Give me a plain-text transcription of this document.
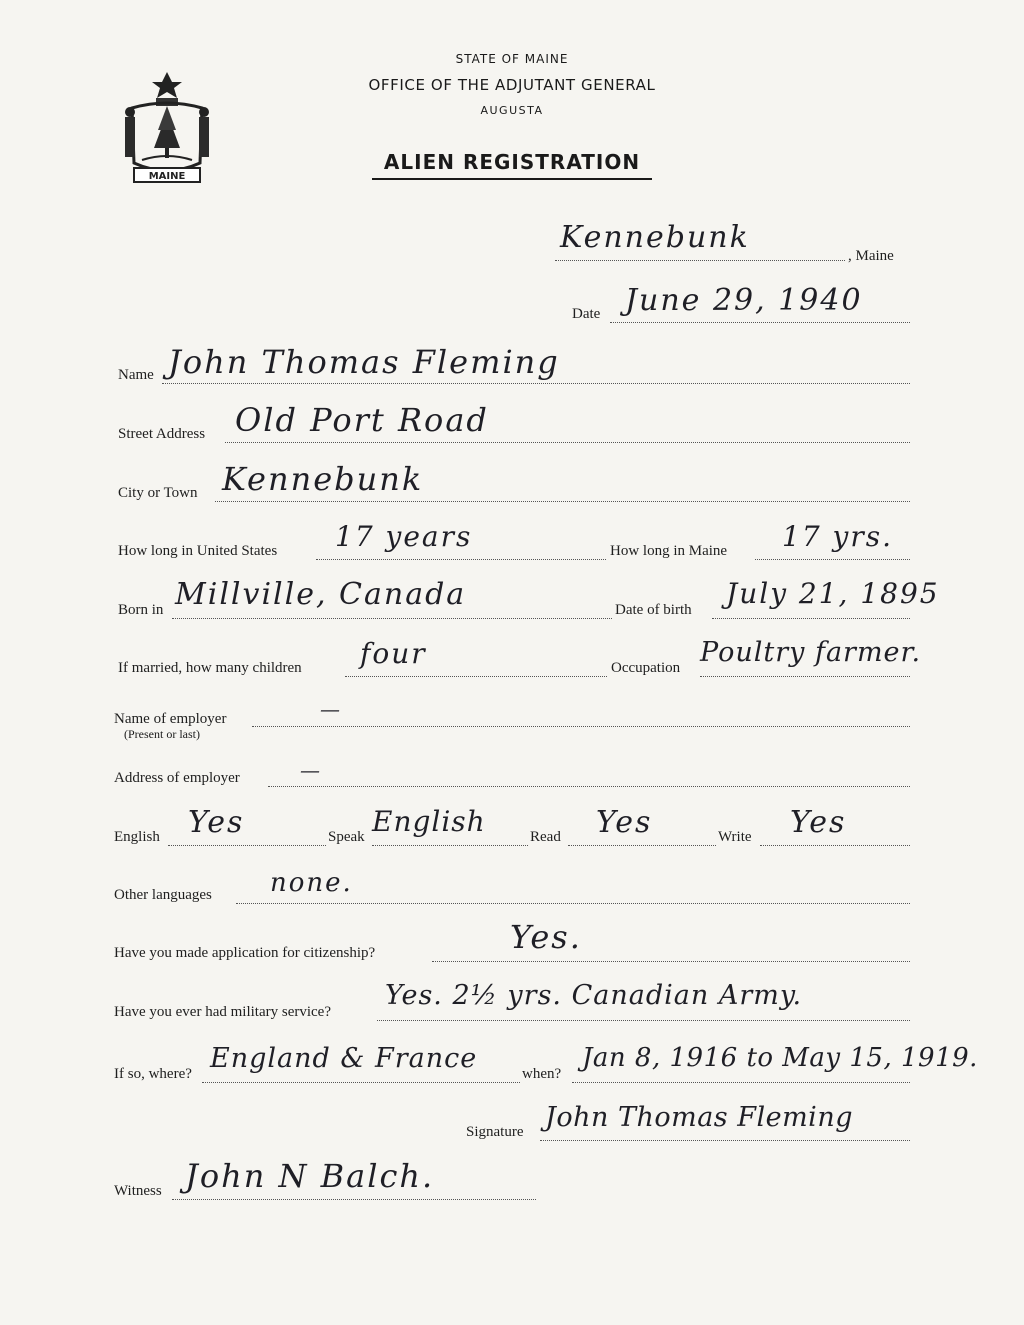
MAINE
STATE OF MAINE
OFFICE OF THE ADJUTANT GENERAL
AUGUSTA
ALIEN REGISTRATION
Kennebunk
, Maine
Date June 29, 1940
Name John Thomas Fleming
Street Address Old Port Road
City or Town Kennebunk
How long in United States 17 years	How long in Maine 17 yrs.
Born in Millville, Canada	Date of birth July 21, 1895
If married, how many children four	Occupation Poultry farmer.
Name of employer
(Present or last)
—
Address of employer	—
English Yes	Speak English	Read Yes	Write Yes
Other languages none.
Have you made application for citizenship?	Yes.
Have you ever had military service?
Yes. 2½ yrs. Canadian Army.
If so, where? England & France	when?
Jan 8, 1916 to May 15, 1919.
Signature John Thomas Fleming
Witness John N Balch.
